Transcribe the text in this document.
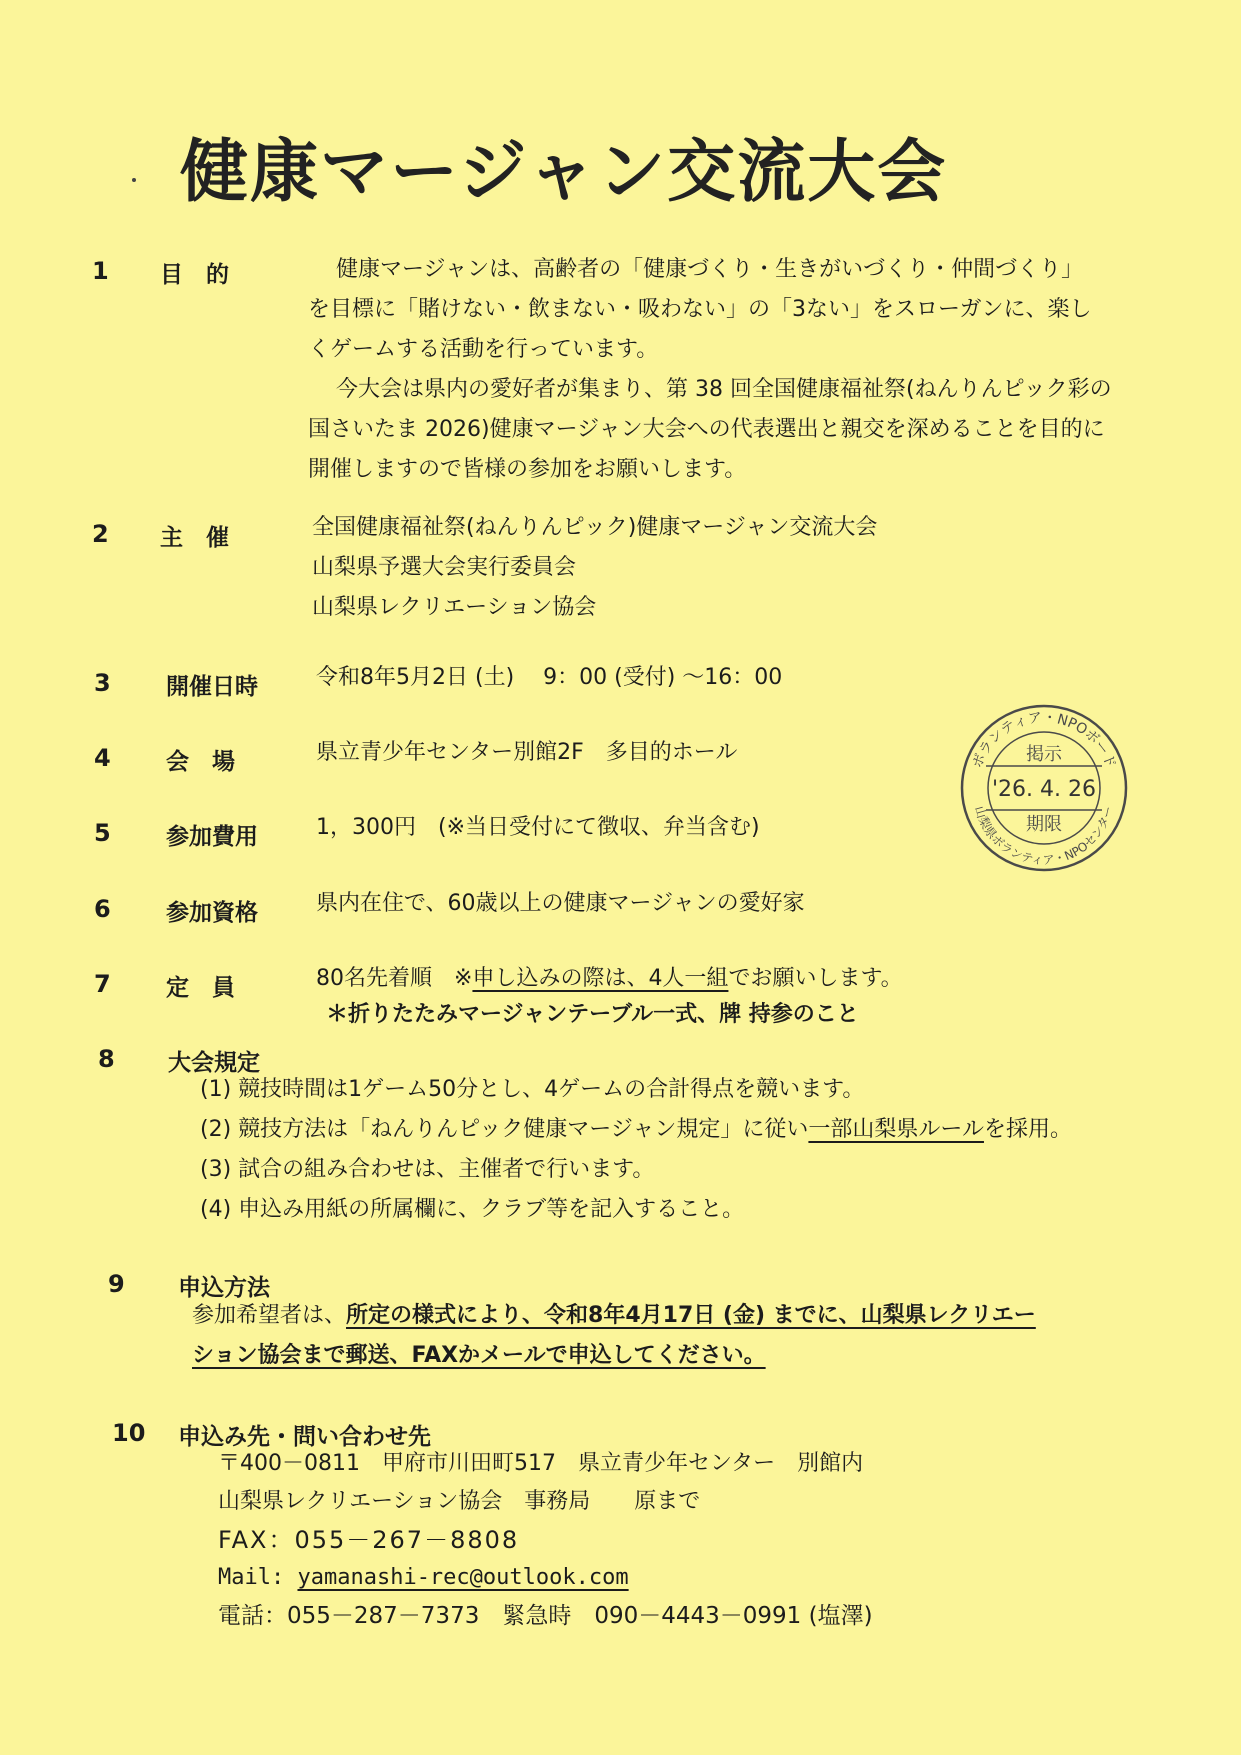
健康マージャン交流大会
1 目　的	健康マージャンは、高齢者の「健康づくり・生きがいづくり・仲間づくり」
を目標に「賭けない・飲まない・吸わない」の「3ない」をスローガンに、楽し
くゲームする活動を行っています。
今大会は県内の愛好者が集まり、第 38 回全国健康福祉祭(ねんりんピック彩の
国さいたま 2026)健康マージャン大会への代表選出と親交を深めることを目的に
開催しますので皆様の参加をお願いします。
2 主　催	全国健康福祉祭(ねんりんピック)健康マージャン交流大会
山梨県予選大会実行委員会
山梨県レクリエーション協会
3 開催日時	令和8年5月2日 (土)　 9：00 (受付) ～16：00
4 会　場	県立青少年センター別館2F　多目的ホール
5 参加費用	1，300円　(※当日受付にて徴収、弁当含む)
6 参加資格	県内在住で、60歳以上の健康マージャンの愛好家
7 定　員	80名先着順　※申し込みの際は、4人一組でお願いします。
＊折りたたみマージャンテーブル一式、牌 持参のこと
8 大会規定
(1) 競技時間は1ゲーム50分とし、4ゲームの合計得点を競います。
(2) 競技方法は「ねんりんピック健康マージャン規定」に従い一部山梨県ルールを採用。
(3) 試合の組み合わせは、主催者で行います。
(4) 申込み用紙の所属欄に、クラブ等を記入すること。
9 申込方法
参加希望者は、所定の様式により、令和8年4月17日 (金) までに、山梨県レクリエー
ション協会まで郵送、FAXかメールで申込してください。
10 申込み先・問い合わせ先
〒400－0811　甲府市川田町517　県立青少年センター　別館内
山梨県レクリエーション協会　事務局　　原まで
FAX：055－267－8808
Mail: yamanashi-rec@outlook.com
電話：055－287－7373　緊急時　090－4443－0991 (塩澤)
ボランティア・NPOボード
山梨県ボランティア・NPOセンター
掲示
'26. 4. 26
期限
